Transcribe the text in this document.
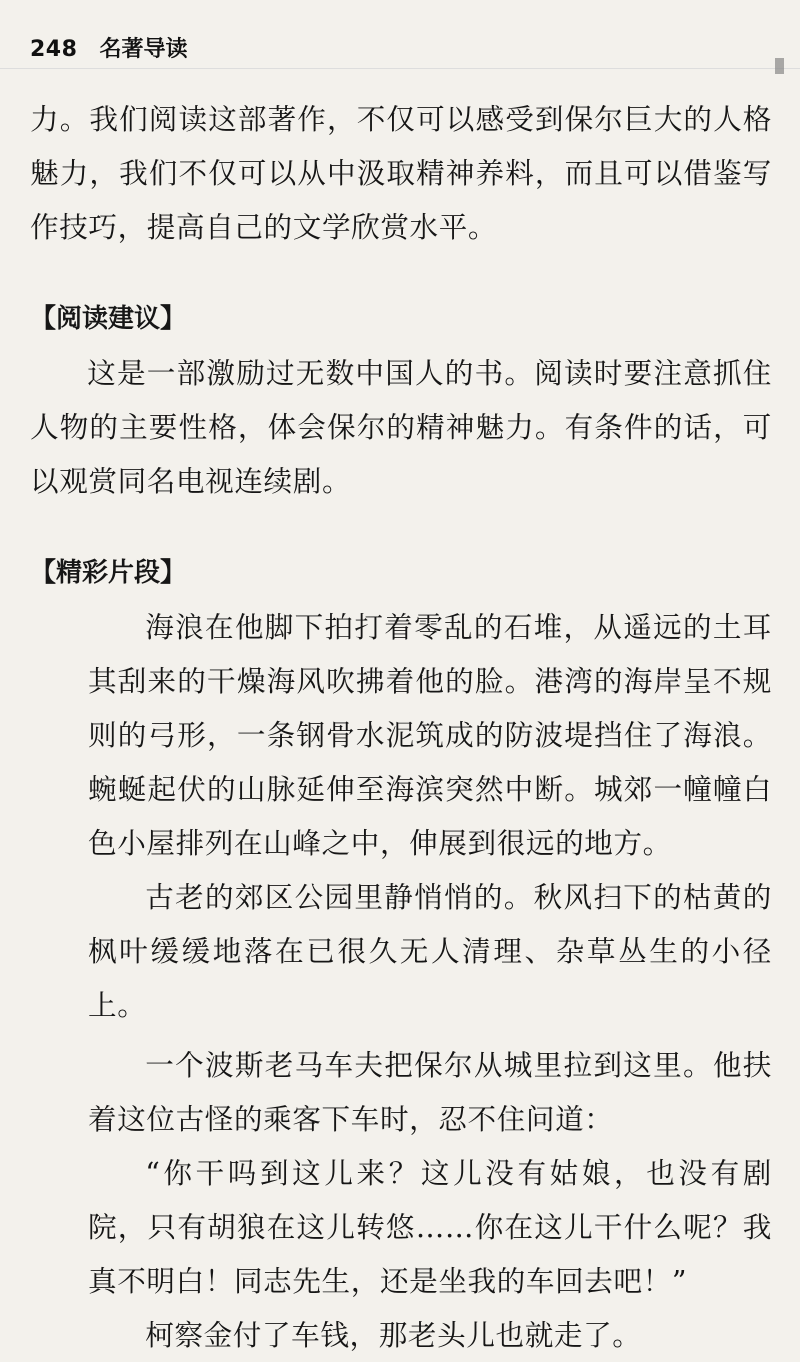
248 名著导读

力。我们阅读这部著作，不仅可以感受到保尔巨大的人格魅力，我们不仅可以从中汲取精神养料，而且可以借鉴写作技巧，提高自己的文学欣赏水平。

【阅读建议】

这是一部激励过无数中国人的书。阅读时要注意抓住人物的主要性格，体会保尔的精神魅力。有条件的话，可以观赏同名电视连续剧。

【精彩片段】

海浪在他脚下拍打着零乱的石堆，从遥远的土耳其刮来的干燥海风吹拂着他的脸。港湾的海岸呈不规则的弓形，一条钢骨水泥筑成的防波堤挡住了海浪。蜿蜒起伏的山脉延伸至海滨突然中断。城郊一幢幢白色小屋排列在山峰之中，伸展到很远的地方。

古老的郊区公园里静悄悄的。秋风扫下的枯黄的枫叶缓缓地落在已很久无人清理、杂草丛生的小径上。

一个波斯老马车夫把保尔从城里拉到这里。他扶着这位古怪的乘客下车时，忍不住问道：

“你干吗到这儿来？这儿没有姑娘，也没有剧院，只有胡狼在这儿转悠……你在这儿干什么呢？我真不明白！同志先生，还是坐我的车回去吧！”

柯察金付了车钱，那老头儿也就走了。
